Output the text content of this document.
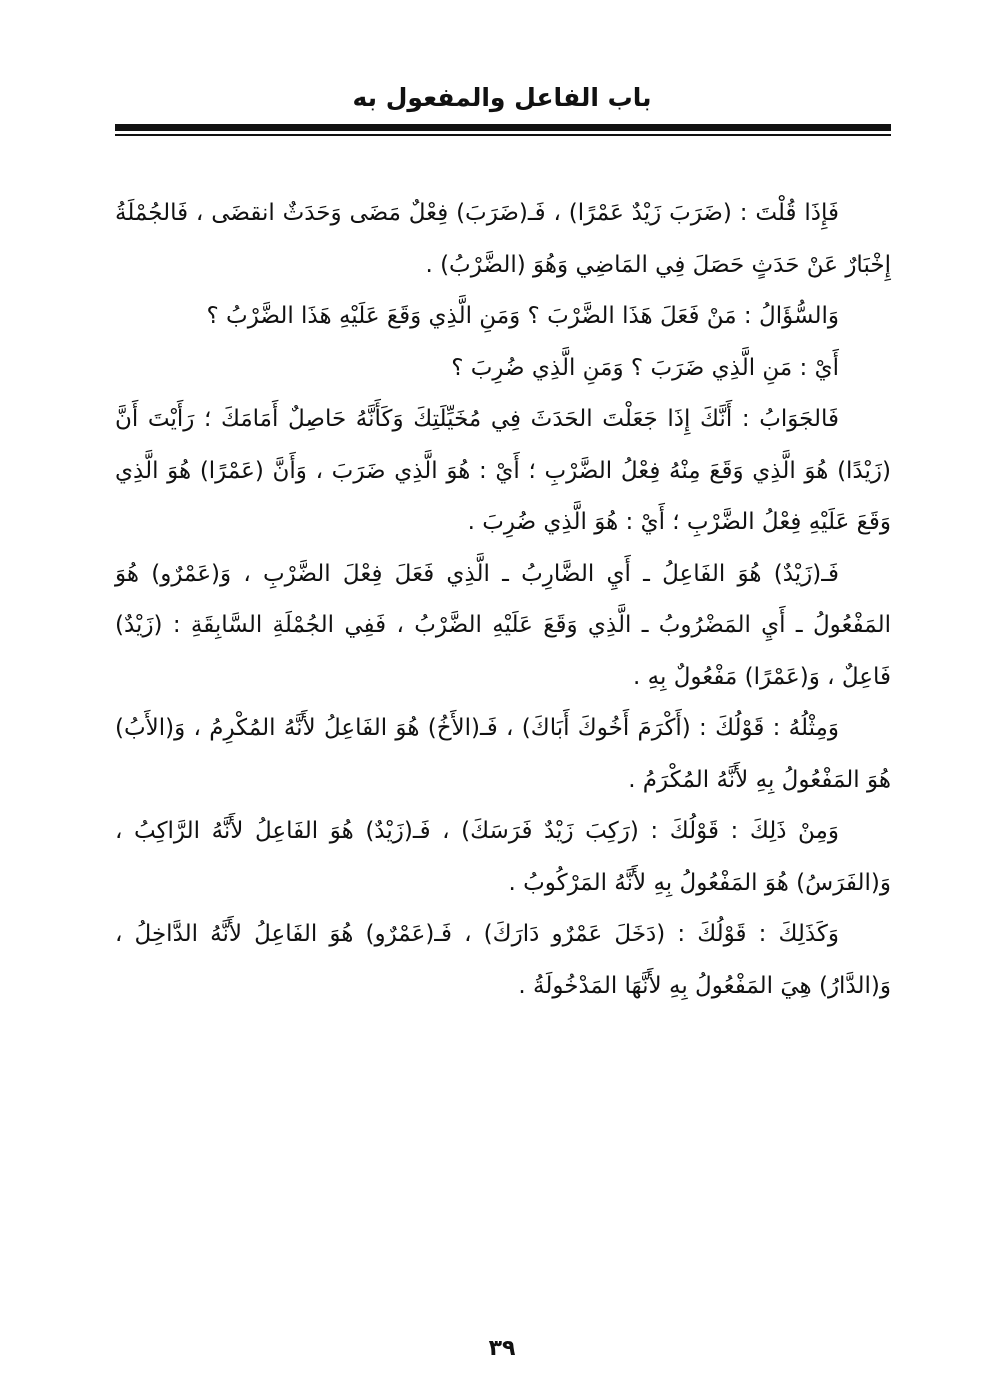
باب الفاعل والمفعول به

فَإِذَا قُلْتَ : (ضَرَبَ زَيْدٌ عَمْرًا) ، فَـ(ضَرَبَ) فِعْلٌ مَضَى وَحَدَثٌ انقضَى ، فَالجُمْلَةُ إِخْبَارٌ عَنْ حَدَثٍ حَصَلَ فِي المَاضِي وَهُوَ (الضَّرْبُ) .

وَالسُّؤَالُ : مَنْ فَعَلَ هَذَا الضَّرْبَ ؟ وَمَنِ الَّذِي وَقَعَ عَلَيْهِ هَذَا الضَّرْبُ ؟

أَيْ : مَنِ الَّذِي ضَرَبَ ؟ وَمَنِ الَّذِي ضُرِبَ ؟

فَالجَوَابُ : أَنَّكَ إِذَا جَعَلْتَ الحَدَثَ فِي مُخَيِّلَتِكَ وَكَأَنَّهُ حَاصِلٌ أَمَامَكَ ؛ رَأَيْتَ أَنَّ (زَيْدًا) هُوَ الَّذِي وَقَعَ مِنْهُ فِعْلُ الضَّرْبِ ؛ أَيْ : هُوَ الَّذِي ضَرَبَ ، وَأَنَّ (عَمْرًا) هُوَ الَّذِي وَقَعَ عَلَيْهِ فِعْلُ الضَّرْبِ ؛ أَيْ : هُوَ الَّذِي ضُرِبَ .

فَـ(زَيْدٌ) هُوَ الفَاعِلُ ـ أَيِ الضَّارِبُ ـ الَّذِي فَعَلَ فِعْلَ الضَّرْبِ ، وَ(عَمْرٌو) هُوَ المَفْعُولُ ـ أَيِ المَضْرُوبُ ـ الَّذِي وَقَعَ عَلَيْهِ الضَّرْبُ ، فَفِي الجُمْلَةِ السَّابِقَةِ : (زَيْدٌ) فَاعِلٌ ، وَ(عَمْرًا) مَفْعُولٌ بِهِ .

وَمِثْلُهُ : قَوْلُكَ : (أَكْرَمَ أَخُوكَ أَبَاكَ) ، فَـ(الأَخُ) هُوَ الفَاعِلُ لأَنَّهُ المُكْرِمُ ، وَ(الأَبُ) هُوَ المَفْعُولُ بِهِ لأَنَّهُ المُكْرَمُ .

وَمِنْ ذَلِكَ : قَوْلُكَ : (رَكِبَ زَيْدٌ فَرَسَكَ) ، فَـ(زَيْدٌ) هُوَ الفَاعِلُ لأَنَّهُ الرَّاكِبُ ، وَ(الفَرَسُ) هُوَ المَفْعُولُ بِهِ لأَنَّهُ المَرْكُوبُ .

وَكَذَلِكَ : قَوْلُكَ : (دَخَلَ عَمْرٌو دَارَكَ) ، فَـ(عَمْرٌو) هُوَ الفَاعِلُ لأَنَّهُ الدَّاخِلُ ، وَ(الدَّارُ) هِيَ المَفْعُولُ بِهِ لأَنَّهَا المَدْخُولَةُ .

٣٩
